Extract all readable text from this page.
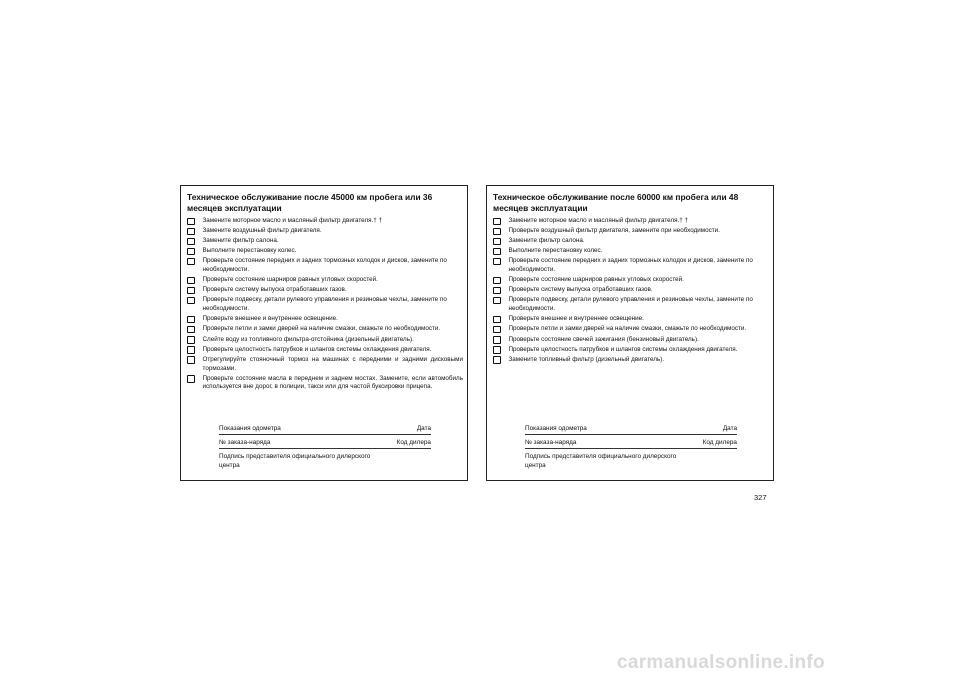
Техническое обслуживание после 45000 км пробега или 36 месяцев эксплуатации
Замените моторное масло и масляный фильтр двигателя.† †
Замените воздушный фильтр двигателя.
Замените фильтр салона.
Выполните перестановку колес.
Проверьте состояние передних и задних тормозных колодок и дисков, замените по необходимости.
Проверьте состояние шарниров равных угловых скоростей.
Проверьте систему выпуска отработавших газов.
Проверьте подвеску, детали рулевого управления и резиновые чехлы, замените по необходимости.
Проверьте внешнее и внутреннее освещение.
Проверьте петли и замки дверей на наличие смазки, смажьте по необходимости.
Слейте воду из топливного фильтра-отстойника (дизельный двигатель).
Проверьте целостность патрубков и шлангов системы охлаждения двигателя.
Отрегулируйте стояночный тормоз на машинах с передними и задними дисковыми тормозами.
Проверьте состояние масла в переднем и заднем мостах. Замените, если автомобиль используется вне дорог, в полиции, такси или для частой буксировки прицепа.
Показания одометра	Дата
№ заказа-наряда	Код дилера
Подпись представителя официального дилерского центра
Техническое обслуживание после 60000 км пробега или 48 месяцев эксплуатации
Замените моторное масло и масляный фильтр двигателя.† †
Проверьте воздушный фильтр двигателя, замените при необходимости.
Замените фильтр салона.
Выполните перестановку колес.
Проверьте состояние передних и задних тормозных колодок и дисков, замените по необходимости.
Проверьте состояние шарниров равных угловых скоростей.
Проверьте систему выпуска отработавших газов.
Проверьте подвеску, детали рулевого управления и резиновые чехлы, замените по необходимости.
Проверьте внешнее и внутреннее освещение.
Проверьте петли и замки дверей на наличие смазки, смажьте по необходимости.
Проверьте состояние свечей зажигания (бензиновый двигатель).
Проверьте целостность патрубков и шлангов системы охлаждения двигателя.
Замените топливный фильтр (дизельный двигатель).
Показания одометра	Дата
№ заказа-наряда	Код дилера
Подпись представителя официального дилерского центра
327
carmanualsonline.info
